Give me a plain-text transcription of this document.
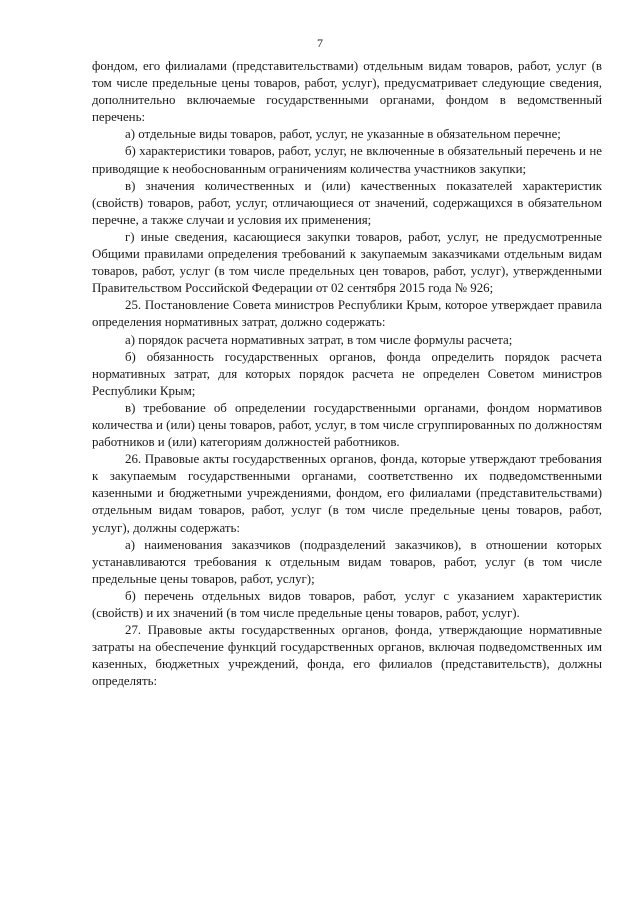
7

фондом, его филиалами (представительствами) отдельным видам товаров, работ, услуг (в том числе предельные цены товаров, работ, услуг), предусматривает следующие сведения, дополнительно включаемые государственными органами, фондом в ведомственный перечень:

а) отдельные виды товаров, работ, услуг, не указанные в обязательном перечне;

б) характеристики товаров, работ, услуг, не включенные в обязательный перечень и не приводящие к необоснованным ограничениям количества участников закупки;

в) значения количественных и (или) качественных показателей характеристик (свойств) товаров, работ, услуг, отличающиеся от значений, содержащихся в обязательном перечне, а также случаи и условия их применения;

г) иные сведения, касающиеся закупки товаров, работ, услуг, не предусмотренные Общими правилами определения требований к закупаемым заказчиками отдельным видам товаров, работ, услуг (в том числе предельных цен товаров, работ, услуг), утвержденными Правительством Российской Федерации от 02 сентября 2015 года № 926;

25. Постановление Совета министров Республики Крым, которое утверждает правила определения нормативных затрат, должно содержать:

а) порядок расчета нормативных затрат, в том числе формулы расчета;

б) обязанность государственных органов, фонда определить порядок расчета нормативных затрат, для которых порядок расчета не определен Советом министров Республики Крым;

в) требование об определении государственными органами, фондом нормативов количества и (или) цены товаров, работ, услуг, в том числе сгруппированных по должностям работников и (или) категориям должностей работников.

26. Правовые акты государственных органов, фонда, которые утверждают требования к закупаемым государственными органами, соответственно их подведомственными казенными и бюджетными учреждениями, фондом, его филиалами (представительствами) отдельным видам товаров, работ, услуг (в том числе предельные цены товаров, работ, услуг), должны содержать:

а) наименования заказчиков (подразделений заказчиков), в отношении которых устанавливаются требования к отдельным видам товаров, работ, услуг (в том числе предельные цены товаров, работ, услуг);

б) перечень отдельных видов товаров, работ, услуг с указанием характеристик (свойств) и их значений (в том числе предельные цены товаров, работ, услуг).

27. Правовые акты государственных органов, фонда, утверждающие нормативные затраты на обеспечение функций государственных органов, включая подведомственных им казенных, бюджетных учреждений, фонда, его филиалов (представительств), должны определять:
